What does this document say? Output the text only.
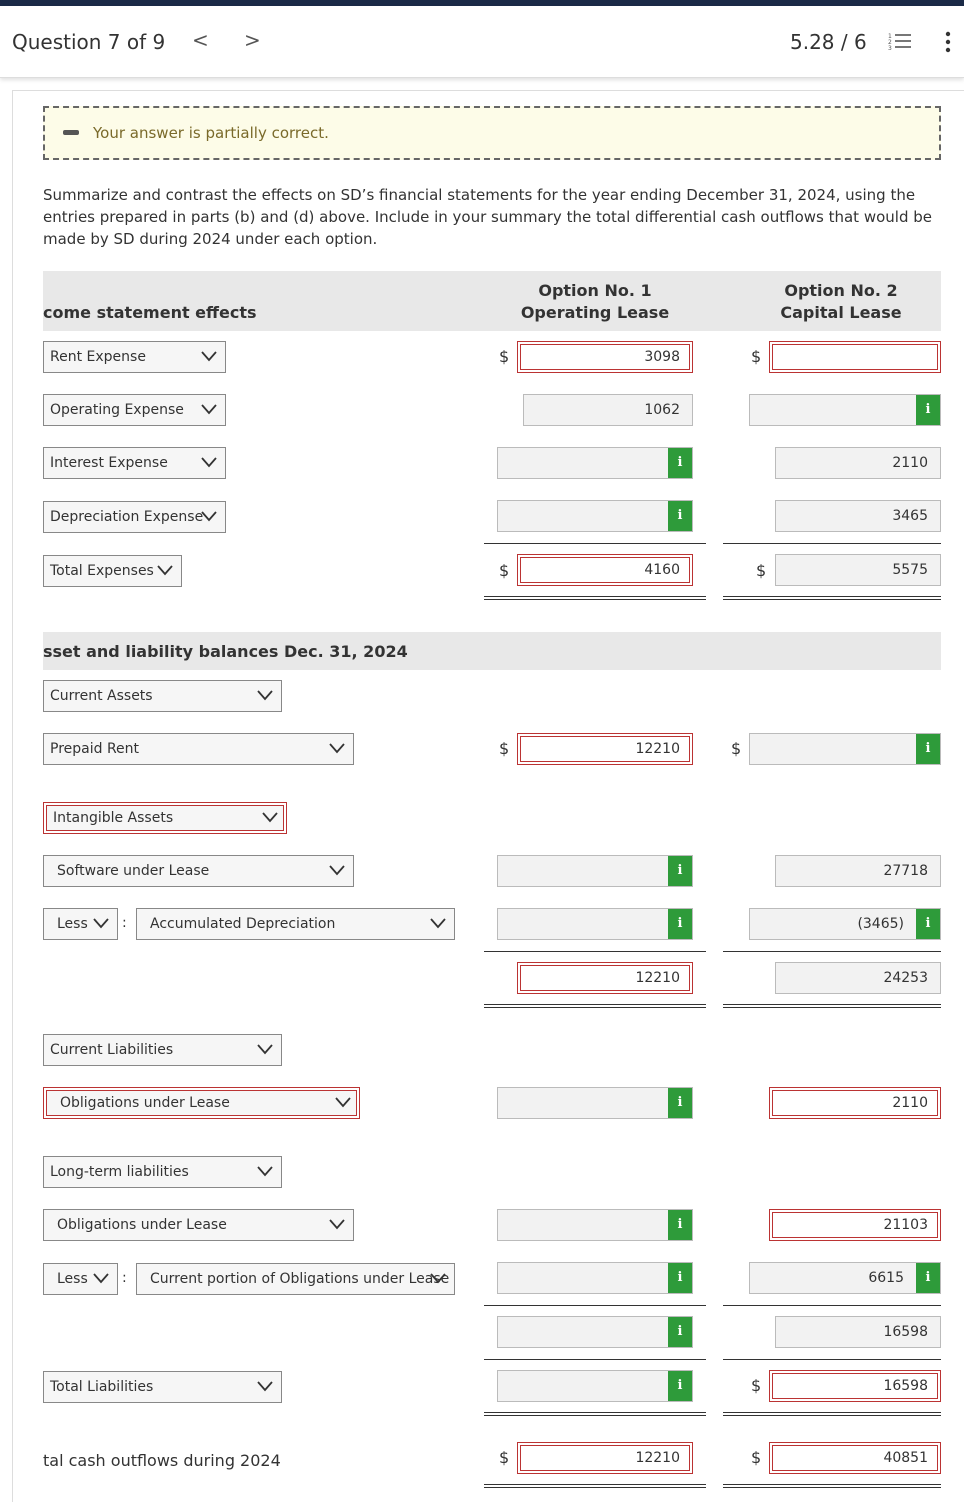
Question 7 of 9 < >	5.28 / 6	1
2
3
Your answer is partially correct.
Summarize and contrast the effects on SD’s financial statements for the year ending December 31, 2024, using the entries prepared in parts (b) and (d) above. Include in your summary the total differential cash outflows that would be made by SD during 2024 under each option.
come statement effects
Option No. 1
Operating Lease
Option No. 2
Capital Lease
Rent Expense	$	3098	$
Operating Expense	1062	i
Interest Expense	i	2110
Depreciation Expense	i	3465
Total Expenses	$	4160	$	5575
sset and liability balances Dec. 31, 2024
Current Assets
Prepaid Rent	$	12210	$	i
Intangible Assets
Software under Lease	i	27718
Less	:	Accumulated Depreciation	i	(3465)	i
12210	24253
Current Liabilities
Obligations under Lease	i	2110
Long-term liabilities
Obligations under Lease	i	21103
Less	:	Current portion of Obligations under Lease	i	6615	i
i	16598
Total Liabilities	i	$	16598
tal cash outflows during 2024	$	12210	$	40851
